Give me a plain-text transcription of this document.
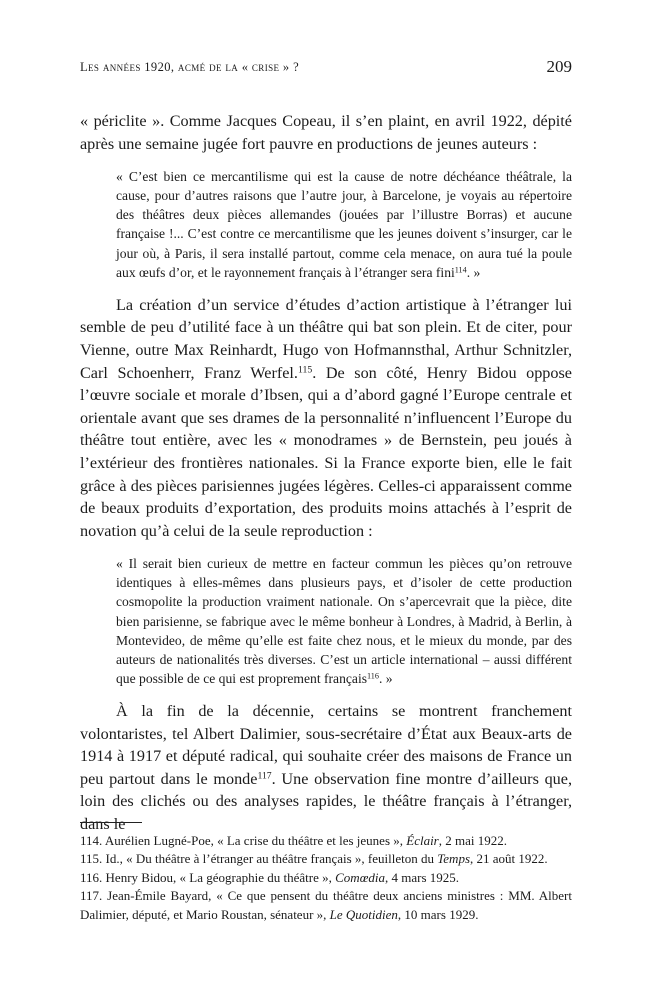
Les années 1920, acmé de la « crise » ?	209

« périclite ». Comme Jacques Copeau, il s’en plaint, en avril 1922, dépité après une semaine jugée fort pauvre en productions de jeunes auteurs :

« C’est bien ce mercantilisme qui est la cause de notre déchéance théâtrale, la cause, pour d’autres raisons que l’autre jour, à Barcelone, je voyais au répertoire des théâtres deux pièces allemandes (jouées par l’illustre Borras) et aucune française !... C’est contre ce mercantilisme que les jeunes doivent s’insurger, car le jour où, à Paris, il sera installé partout, comme cela menace, on aura tué la poule aux œufs d’or, et le rayonnement français à l’étranger sera fini$^{114}$. »

La création d’un service d’études d’action artistique à l’étranger lui semble de peu d’utilité face à un théâtre qui bat son plein. Et de citer, pour Vienne, outre Max Reinhardt, Hugo von Hofmannsthal, Arthur Schnitzler, Carl Schoenherr, Franz Werfel.$^{115}$. De son côté, Henry Bidou oppose l’œuvre sociale et morale d’Ibsen, qui a d’abord gagné l’Europe centrale et orientale avant que ses drames de la personnalité n’influencent l’Europe du théâtre tout entière, avec les « monodrames » de Bernstein, peu joués à l’extérieur des frontières nationales. Si la France exporte bien, elle le fait grâce à des pièces parisiennes jugées légères. Celles-ci apparaissent comme de beaux produits d’exportation, des produits moins attachés à l’esprit de novation qu’à celui de la seule reproduction :

« Il serait bien curieux de mettre en facteur commun les pièces qu’on retrouve identiques à elles-mêmes dans plusieurs pays, et d’isoler de cette production cosmopolite la production vraiment nationale. On s’apercevrait que la pièce, dite bien parisienne, se fabrique avec le même bonheur à Londres, à Madrid, à Berlin, à Montevideo, de même qu’elle est faite chez nous, et le mieux du monde, par des auteurs de nationalités très diverses. C’est un article international – aussi différent que possible de ce qui est proprement français$^{116}$. »

À la fin de la décennie, certains se montrent franchement volontaristes, tel Albert Dalimier, sous-secrétaire d’État aux Beaux-arts de 1914 à 1917 et député radical, qui souhaite créer des maisons de France un peu partout dans le monde$^{117}$. Une observation fine montre d’ailleurs que, loin des clichés ou des analyses rapides, le théâtre français à l’étranger, dans le

114. Aurélien Lugné-Poe, « La crise du théâtre et les jeunes », Éclair, 2 mai 1922.

115. Id., « Du théâtre à l’étranger au théâtre français », feuilleton du Temps, 21 août 1922.

116. Henry Bidou, « La géographie du théâtre », Comœdia, 4 mars 1925.

117. Jean-Émile Bayard, « Ce que pensent du théâtre deux anciens ministres : MM. Albert Dalimier, député, et Mario Roustan, sénateur », Le Quotidien, 10 mars 1929.
